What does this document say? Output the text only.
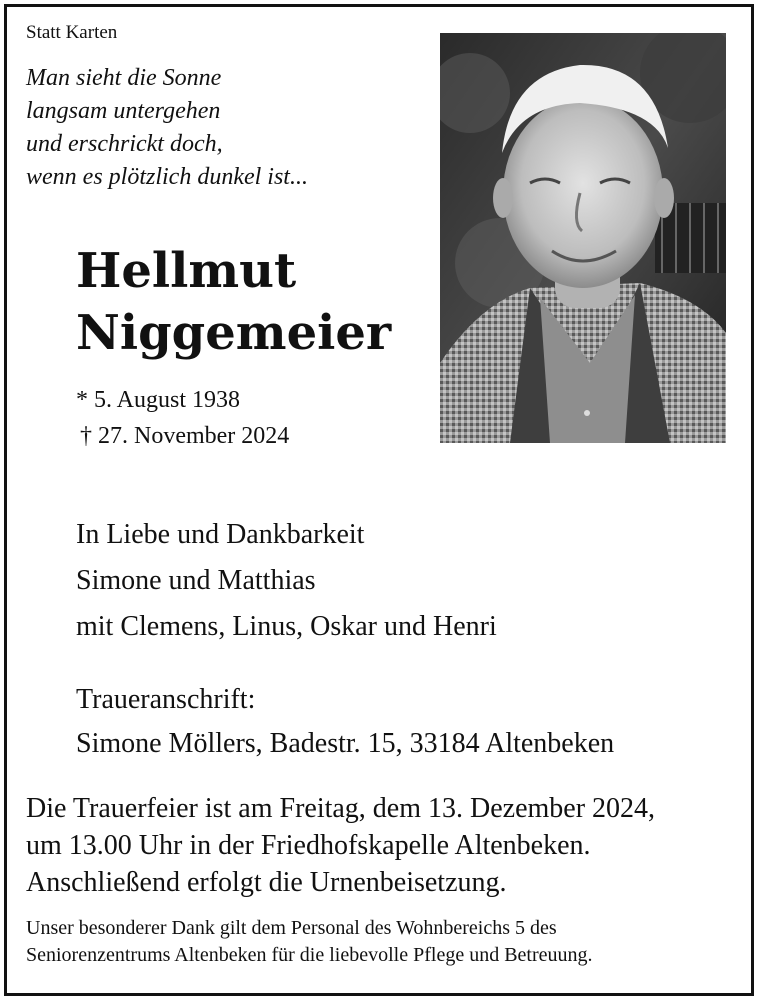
Statt Karten
Man sieht die Sonne
langsam untergehen
und erschrickt doch,
wenn es plötzlich dunkel ist...
Hellmut
Niggemeier
* 5. August 1938
† 27. November 2024
In Liebe und Dankbarkeit
Simone und Matthias
mit Clemens, Linus, Oskar und Henri
Traueranschrift:
Simone Möllers, Badestr. 15, 33184 Altenbeken
Die Trauerfeier ist am Freitag, dem 13. Dezember 2024,
um 13.00 Uhr in der Friedhofskapelle Altenbeken.
Anschließend erfolgt die Urnenbeisetzung.
Unser besonderer Dank gilt dem Personal des Wohnbereichs 5 des
Seniorenzentrums Altenbeken für die liebevolle Pflege und Betreuung.
